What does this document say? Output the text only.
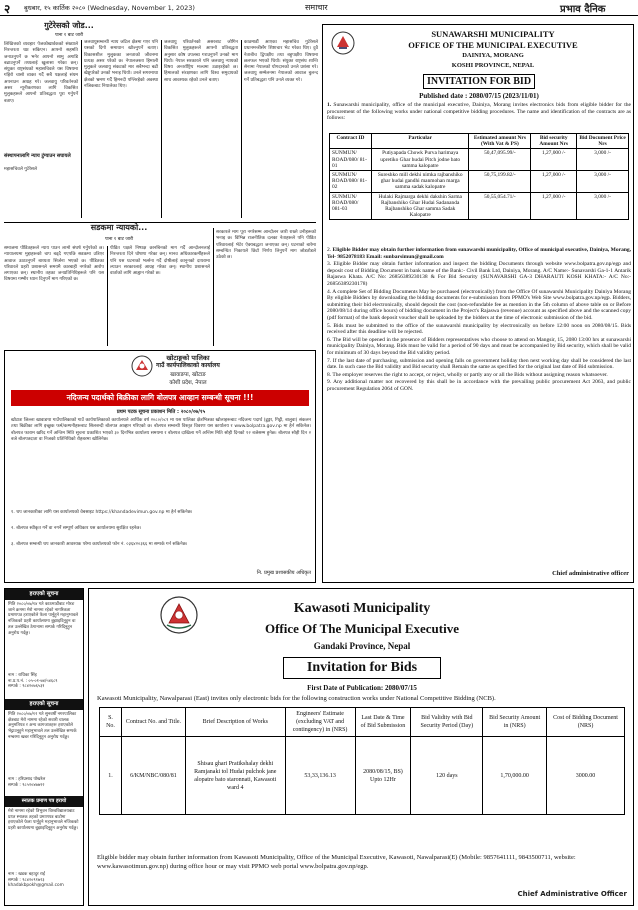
२ बुधबार, १५ कार्तिक २०८० (Wednesday, November 1, 2023)	समाचार	प्रभाव दैनिक
गुटेरेसको जोड...
पाना १ बाट जारी

लिखित्तको व्यवहार पेजकोखार्वकको संख्याले निरन्तरता थप्न सकिएन। आफ्नो सहमति जनाउनुपर्ने छ भनेर आफ्नो सामु अगाडि बढाउनुपर्ने तथ्यलाई खुलासा गरेका छन्। संयुक्त राष्ट्रसंघको महासचिवले यस विषयमा गहिरो चासो व्यक्त गर्दै सबै पक्षलाई संयम अपनाउन आग्रह गरे। जलवायु परिवर्तनको असर न्यूनीकरणका लागि विकसित मुलुकहरूले आफ्नो प्रतिबद्धता पूरा गर्नुपर्ने बताए।

संस्थापनालागि न्याय टुंग्याउन सघायले

महासचिवले गुटेरेसले

जलवायुसम्बन्धी न्याय जटिल क्षेत्रमा गएर पनि यसको दिगो समाधान खोज्नुपर्ने बताए। विकासशील मुलुकका जनताको जीवनमा प्रत्यक्ष असर परेको छ। नेपालजस्ता हिमाली मुलुकले जलवायु संकटको मार सबैभन्दा बढी खेप्नुपरेको उनको भनाइ थियो। उनले सगरमाथा क्षेत्रको भ्रमण गर्दै हिमनदी पग्लिरहेको अवस्था नजिकबाट नियालेका थिए।

जलवायु परिवर्तनको असरबाट जोगिन विकसित मुलुकहरूले आफ्नो प्रतिबद्धता अनुसार कोष उपलब्ध गराउनुपर्ने उनको माग थियो। नेपाल सरकारले पनि जलवायु न्यायको विषय अन्तर्राष्ट्रिय मञ्चमा उठाइरहेको छ। हिमालको संरक्षणका लागि विश्व समुदायको साथ आवश्यक रहेको उनले बताए।

काठमाडौं आएका महासचिव गुटेरेसले प्रधानमन्त्रीसँग शिष्टाचार भेट गरेका थिए। दुवै नेताबीच द्विपक्षीय तथा बहुपक्षीय विषयमा छलफल भएको थियो। संयुक्त राष्ट्रसंघ शान्ति सेनामा नेपालको योगदानको उनले प्रशंसा गरे। जलवायु सम्मेलनमा नेपालको आवाज बुलन्द गर्ने प्रतिबद्धता पनि उनले व्यक्त गरे।

सडकमा न्यायको...
पाना १ बाट जारी

समाजमा पीडितहरूले न्याय पाउन लामो संघर्ष गर्नुपरेको छ। न्यायालयमा मुद्दाहरूको चाप बढ्दै गएपछि सडकमा उत्रिएर आवाज उठाउनुपर्ने बाध्यता सिर्जना भएको छ। पीडितका परिवारले प्रहरी प्रशासनले समयमै कारबाही नगरेको आरोप लगाएका छन्। स्थानीय तहका जनप्रतिनिधिहरूले पनि यस विषयमा गम्भीर ध्यान दिनुपर्ने माग गरिएको छ।

पीडित पक्षले निष्पक्ष छानबिनको माग गर्दै आन्दोलनलाई निरन्तरता दिने घोषणा गरेका छन्। मानव अधिकारकर्मीहरूले पनि यस घटनाको भर्त्सना गर्दै दोषीलाई कानुनको दायरामा ल्याउन सरकारलाई आग्रह गरेका छन्। स्थानीय प्रशासनले वार्ताको लागि आह्वान गरेको छ।

सरकारले माग पूरा नगरेसम्म आन्दोलन जारी राख्ने उनीहरूको भनाइ छ। विभिन्न राजनीतिक दलका नेताहरूले पनि पीडित परिवारलाई भेटेर ऐक्यबद्धता जनाएका छन्। घटनाको बारेमा सम्बन्धित निकायले छिटो निर्णय लिनुपर्ने माग जोडतोडले उठेको छ।

खोटाङ्गको पालिका
गाउँ कार्यपालिकाको कार्यालय
खावाङपा, खोटाङ
कोशी प्रदेश, नेपाल
नदिजन्य पदार्थको बिक्रीका लागि बोलपत्र आव्हान सम्बन्धी सूचना !!!
प्रथम पटक सूचना प्रकाशन मिति : २०८०/०७/१५

खोटाङ जिल्ला खावाङपा गाउँपालिकाको गाउँ कार्यपालिकाको कार्यालयले आर्थिक वर्ष २०८०/०८१ मा यस पालिका क्षेत्रभित्रका खोलाहरूबाट नदिजन्य पदार्थ (ढुङ्गा, गिट्टी, बालुवा) संकलन तथा बिक्रीका लागि इच्छुक फर्म/कम्पनीहरूबाट सिलबन्दी बोलपत्र आव्हान गरिएको छ। बोलपत्र सम्बन्धी विस्तृत विवरण यस कार्यालय र www.bolpatra.gov.np मा हेर्न सकिनेछ। बोलपत्र फाराम खरिद गर्ने अन्तिम मिति सूचना प्रकाशित भएको ३० दिनभित्र कार्यालय समयमा र बोलपत्र दाखिला गर्ने अन्तिम मिति सोही दिनको १२ बजेसम्म हुनेछ। बोलपत्र सोही दिन २ बजे बोलपत्रदाता वा निजको प्रतिनिधिको रोहबरमा खोलिनेछ।

१. थप जानकारीका लागि यस कार्यालयको वेबसाइट https://khandadevimun.gov.np मा हेर्न सकिनेछ।

२. बोलपत्र स्वीकृत गर्ने वा नगर्ने सम्पूर्ण अधिकार यस कार्यालयमा सुरक्षित रहनेछ।

३. बोलपत्र सम्बन्धी थप जानकारी आवश्यक परेमा कार्यालयको फोन नं. ०३६४२०३६६ मा सम्पर्क गर्न सकिनेछ।

नि. प्रमुख प्रशासकीय अधिकृत
SUNAWARSHI MUNICIPALITY
OFFICE OF THE MUNICIPAL EXECUTIVE
DAINIYA, MORANG
KOSHI PROVINCE, NEPAL
INVITATION FOR BID
Published date : 2080/07/15 (2023/11/01)

1. Sunawarshi municipality, office of the municipal executive, Dainiya, Morang invites electronics bids from eligible bidder for the procurement of the following works under national competitive bidding procedures. The name and identification of the contracts are as follows:

Contract ID	Particular	Estimated amount Nrs (With Vat & PS)	Bid security Amount Nrs	Bid Document Price Nrs
SUNMUN/ ROAD/080/ 81-01	Putiyapada Chowk Purva harimaya upretiko Ghar hudai Pitch jodne bato samma kalopatre	50,47,095.99/-	1,27,000 /-	3,000 /-
SUNMUN/ ROAD/080/ 81-02	Sureshko mill dekhi nimka rajbanshiko ghar hudai gandhi manmohan marga samma sadak kalopatre	50,75,199.82/-	1,27,000 /-	3,000 /-
SUNMUN/ ROAD/080/ 081-03	Hulaki Rajmarga dekhi dakshin Sarma Rajbanshiko Ghar Hudai Sadananda Rajbanshiko Ghar samma Sadak Kalopatre	50,55,054.71/-	1,27,000 /-	3,000 /-

2. Eligible Bidder may obtain further information from sunawarshi municipality, Office of municipal executive, Dainiya, Morang, Tel- 9852078183 Email: sunbarsimun@gmail.com

3. Eligible Bidder may obtain further information and inspect the bidding Documents through website www.bolpatra.gov.np/egp and deposit cost of Bidding Document in bank name of the Bank:- Civil Bank Ltd, Dainiya, Morang. A/C Name:- Sunavarshi Ga-1-1 Antarik Rajaswa Khata. A/C No: 26856389230138 & For Bid Security (SUNAVARSHI GA-3 DHARAUTI KOSH KHATA:- A/C No:- 26856389230178)

4. A complete Set of Bidding Documents May be purchased (electronically) from the Office Of sunawarshi Municipality Dainiya Morang By eligible Bidders by downloading the bidding documents for e-submission from PPMO's Web Site www.bolpatra.gov.np/egp. Bidders, submitting their bid electronically, should deposit the cost (non-refundable fee as mention in the 5th column of above table on or Before 2080/08/14 during office hours) of bidding document in the Project's Rajaswa (revenue) account as specified above and the scanned copy (pdf format) of the bank deposit voucher shall be uploaded by the bidders at the time of electronic submission of the bid.

5. Bids must be submitted to the office of the sunawarshi municipality by electronically on before 12:00 noon on 2080/08/15. Bids received after this deadline will be rejected.

6. The Bid will be opened in the presence of Bidders representatives who choose to attend on Mangsir, 15, 2080 13:00 hrs at sunawarshi municipality Dainiya, Morang. Bids must be valid for a period of 90 days and must be accompanied by Bid security, which shall be valid for minimum of 30 days beyond the Bid validity period.

7. If the last date of purchasing, submission and opening falls on government holiday then next working day shall be considered the last date. In such case the Bid validity and Bid security shall Remain the same as specified for the original last date of Bid submission.

8. The employer reserves the right to accept, or reject, wholly or partly any or all the Bids without assigning reason whatsoever.

9. Any additional matter not recovered by this shall be in accordance with the prevailing public procurement Act 2063, and public procurement Regulation 2064 of GON.

Chief administrative officer
हराएको सूचना

मिति २०८०/०७/१४ गते काठमाडौंबाट मोरङ जाने क्रममा मेरो नाममा रहेको नागरिकता प्रमाणपत्र हराएकोले फेला पार्नुहुने महानुभावले नजिकको प्रहरी कार्यालयमा बुझाइदिनुहुन वा तल उल्लेखित ठेगानामा सम्पर्क गरिदिनुहुन अनुरोध गर्दछु।

नाम : राधिका सिंह

ना.प्र.प.नं. : ०५-०१-७४/५४६८९

सम्पर्क : ९८४२०७६५३१

हराएको सूचना

मिति २०८०/०७/१२ गते सुनवर्षी नगरपालिका क्षेत्रबाट मेरो नाममा रहेको सवारी चालक अनुमतिपत्र र अन्य कागजातहरू हराएकोले भेट्टाउनुहुने महानुभावले तल उल्लेखित सम्पर्क नम्बरमा खबर गरिदिनुहुन अनुरोध गर्दछु।

नाम : हरिप्रसाद पोखरेल

सम्पर्क : ९८५२०४७७१२

स्नातक प्रमाण पत्र हरायो

मेरो नाममा रहेको त्रिभुवन विश्वविद्यालयबाट प्राप्त स्नातक तहको प्रमाणपत्र बाटोमा हराएकोले फेला पार्नुहुने महानुभावले नजिकको प्रहरी कार्यालयमा बुझाइदिनुहुन अनुरोध गर्दछु।

नाम : खडक बहादुर राई

सम्पर्क : ९८४२०९१७२३

khadakbpokh@gmail.com

Kawasoti Municipality
Office Of The Municipal Executive
Gandaki Province, Nepal
Invitation for Bids
First Date of Publication: 2080/07/15
Kawasoti Municipality, Nawalparasi (East) invites only electronic bids for the following construction works under National Competitive Bidding (NCB).
S. No.	Contract No. and Title.	Brief Description of Works	Engineers' Estimate (excluding VAT and contingency) in (NRS)	Last Date & Time of Bid Submission	Bid Validity with Bid Security Period (Day)	Bid Security Amount in (NRS)	Cost of Bidding Document (NRS)
1.	6/KM/NBC/080/81	Shisau ghari Pratikshalay dekhi Ramjanaki tol Hudai pulchok jane alopatre bato staronnati, Kawasoti ward 4	53,33,136.13	2080/08/15, BS) Upto 12Hr	120 days	1,70,000.00	3000.00
Eligible bidder may obtain further information from Kawasoti Municipality, Office of the Municipal Executive, Kawasoti, Nawalparasi(E) (Mobile: 9857641111, 9843500711, website: www.kawasotimun.gov.np) during office hour or may visit PPMO web portal www.bolpatra.gov.np/egp.
Chief Administrative Officer
